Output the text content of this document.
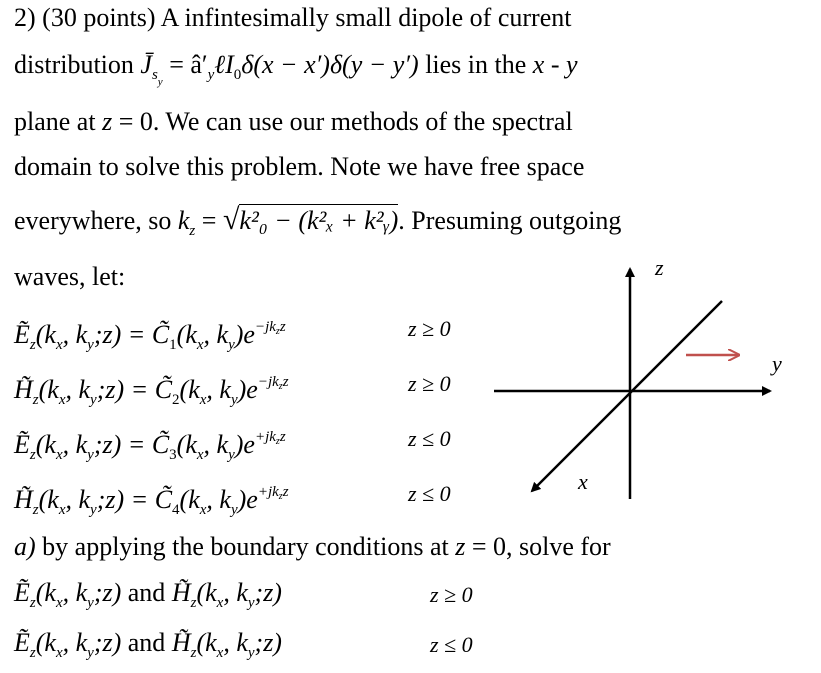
2) (30 points) A infintesimally small dipole of current
distribution $J̄_{s_y}$ = $â'_y\ell I_0\delta(x - x')\delta(y - y')$ lies in the x - y
plane at z = 0. We can use our methods of the spectral
domain to solve this problem. Note we have free space
everywhere, so $k_z = √k^2_0 - (k^2_x$ + k²ᵧ). Presuming outgoing
waves, let:
$Ẽ_z(k_x$, $k_y;z$) = $C̃_1(k_x$, $k_y)e^{-jk_zz}$	z ≥ 0
$H̃_z(k_x$, $k_y;z$) = $C̃_2(k_x$, $k_y)e^{-jk_zz}$	z ≥ 0
$Ẽ_z(k_x$, $k_y;z$) = $C̃_3(k_x$, $k_y)e^{+jk_zz}$	z ≤ 0
$H̃_z(k_x$, $k_y;z$) = $C̃_4(k_x$, $k_y)e^{+jk_zz}$	z ≤ 0
a) by applying the boundary conditions at z = 0, solve for
$Ẽ_z(k_x$, $k_y;z$) and $H̃_z(k_x$, $k_y;z$)	z ≥ 0
$Ẽ_z(k_x$, $k_y;z$) and $H̃_z(k_x$, $k_y;z$)	z ≤ 0
z
y
x
